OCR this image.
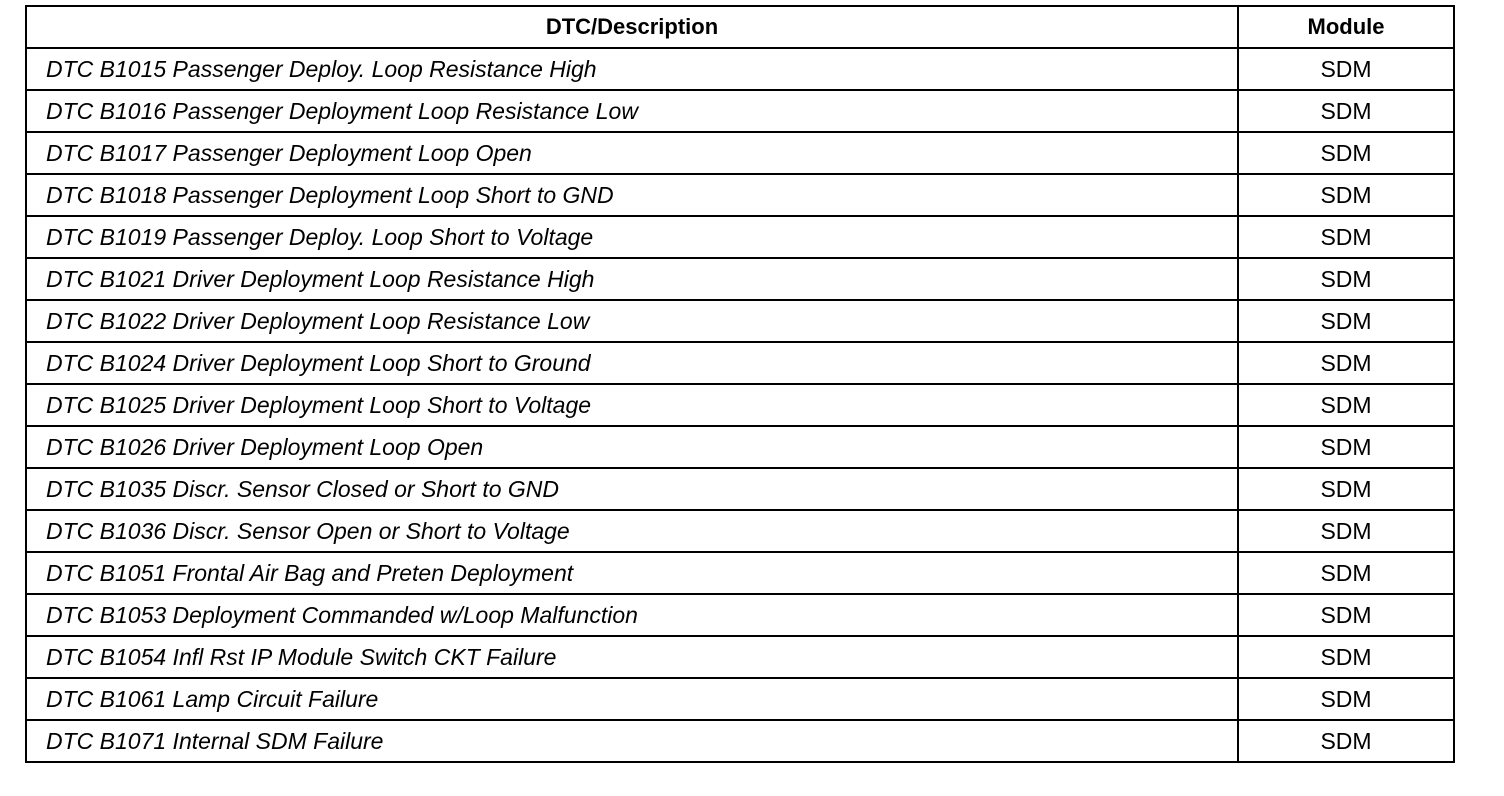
DTC/Description	Module
DTC B1015 Passenger Deploy. Loop Resistance High	SDM
DTC B1016 Passenger Deployment Loop Resistance Low	SDM
DTC B1017 Passenger Deployment Loop Open	SDM
DTC B1018 Passenger Deployment Loop Short to GND	SDM
DTC B1019 Passenger Deploy. Loop Short to Voltage	SDM
DTC B1021 Driver Deployment Loop Resistance High	SDM
DTC B1022 Driver Deployment Loop Resistance Low	SDM
DTC B1024 Driver Deployment Loop Short to Ground	SDM
DTC B1025 Driver Deployment Loop Short to Voltage	SDM
DTC B1026 Driver Deployment Loop Open	SDM
DTC B1035 Discr. Sensor Closed or Short to GND	SDM
DTC B1036 Discr. Sensor Open or Short to Voltage	SDM
DTC B1051 Frontal Air Bag and Preten Deployment	SDM
DTC B1053 Deployment Commanded w/Loop Malfunction	SDM
DTC B1054 Infl Rst IP Module Switch CKT Failure	SDM
DTC B1061 Lamp Circuit Failure	SDM
DTC B1071 Internal SDM Failure	SDM
